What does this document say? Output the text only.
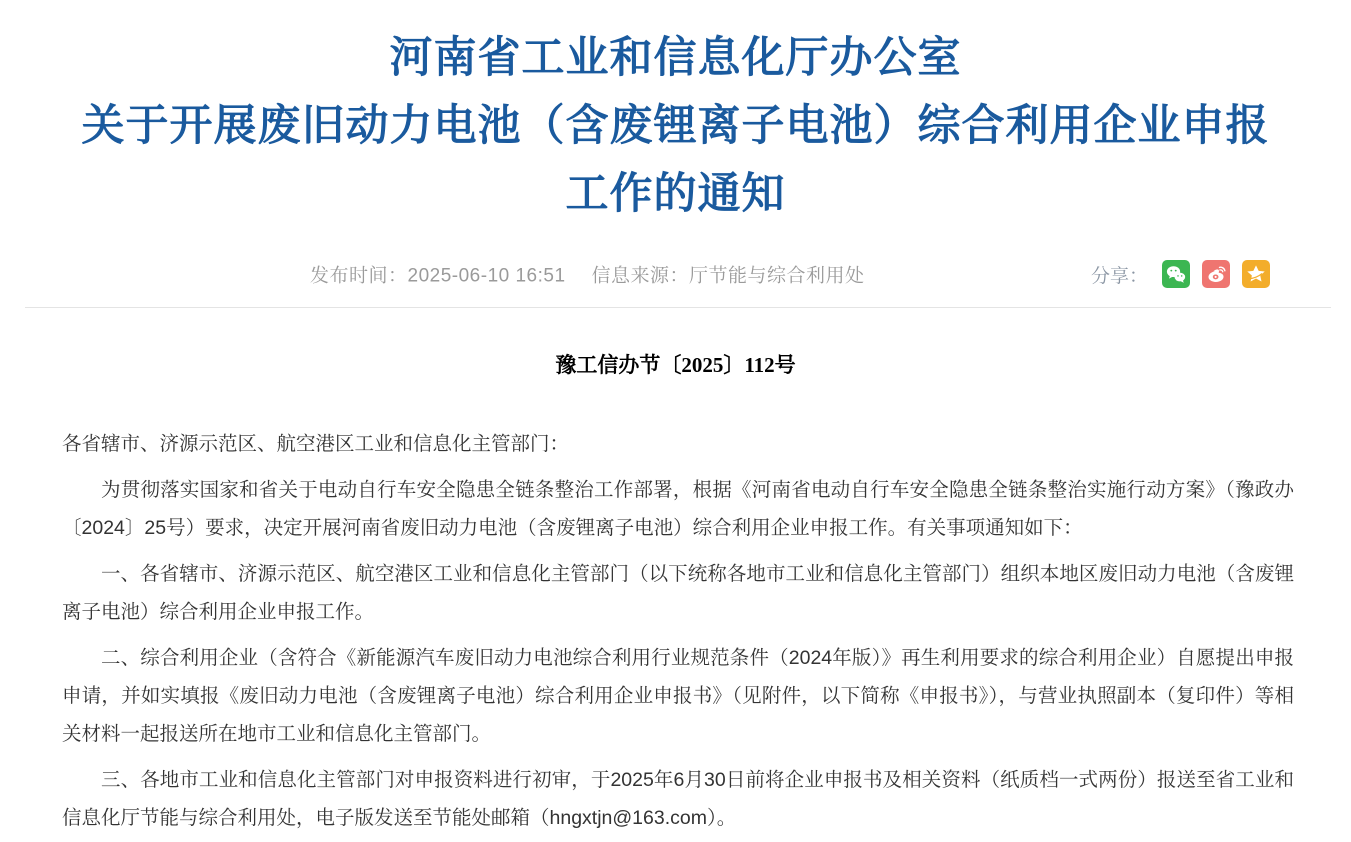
河南省工业和信息化厅办公室
关于开展废旧动力电池（含废锂离子电池）综合利用企业申报
工作的通知
发布时间：2025-06-10 16:51 信息来源：厅节能与综合利用处	分享：
豫工信办节〔2025〕112号

各省辖市、济源示范区、航空港区工业和信息化主管部门：

为贯彻落实国家和省关于电动自行车安全隐患全链条整治工作部署，根据《河南省电动自行车安全隐患全链条整治实施行动方案》（豫政办〔2024〕25号）要求，决定开展河南省废旧动力电池（含废锂离子电池）综合利用企业申报工作。有关事项通知如下：

一、各省辖市、济源示范区、航空港区工业和信息化主管部门（以下统称各地市工业和信息化主管部门）组织本地区废旧动力电池（含废锂离子电池）综合利用企业申报工作。

二、综合利用企业（含符合《新能源汽车废旧动力电池综合利用行业规范条件（2024年版）》再生利用要求的综合利用企业）自愿提出申报申请，并如实填报《废旧动力电池（含废锂离子电池）综合利用企业申报书》（见附件，以下简称《申报书》），与营业执照副本（复印件）等相关材料一起报送所在地市工业和信息化主管部门。

三、各地市工业和信息化主管部门对申报资料进行初审，于2025年6月30日前将企业申报书及相关资料（纸质档一式两份）报送至省工业和信息化厅节能与综合利用处，电子版发送至节能处邮箱（hngxtjn@163.com）。
